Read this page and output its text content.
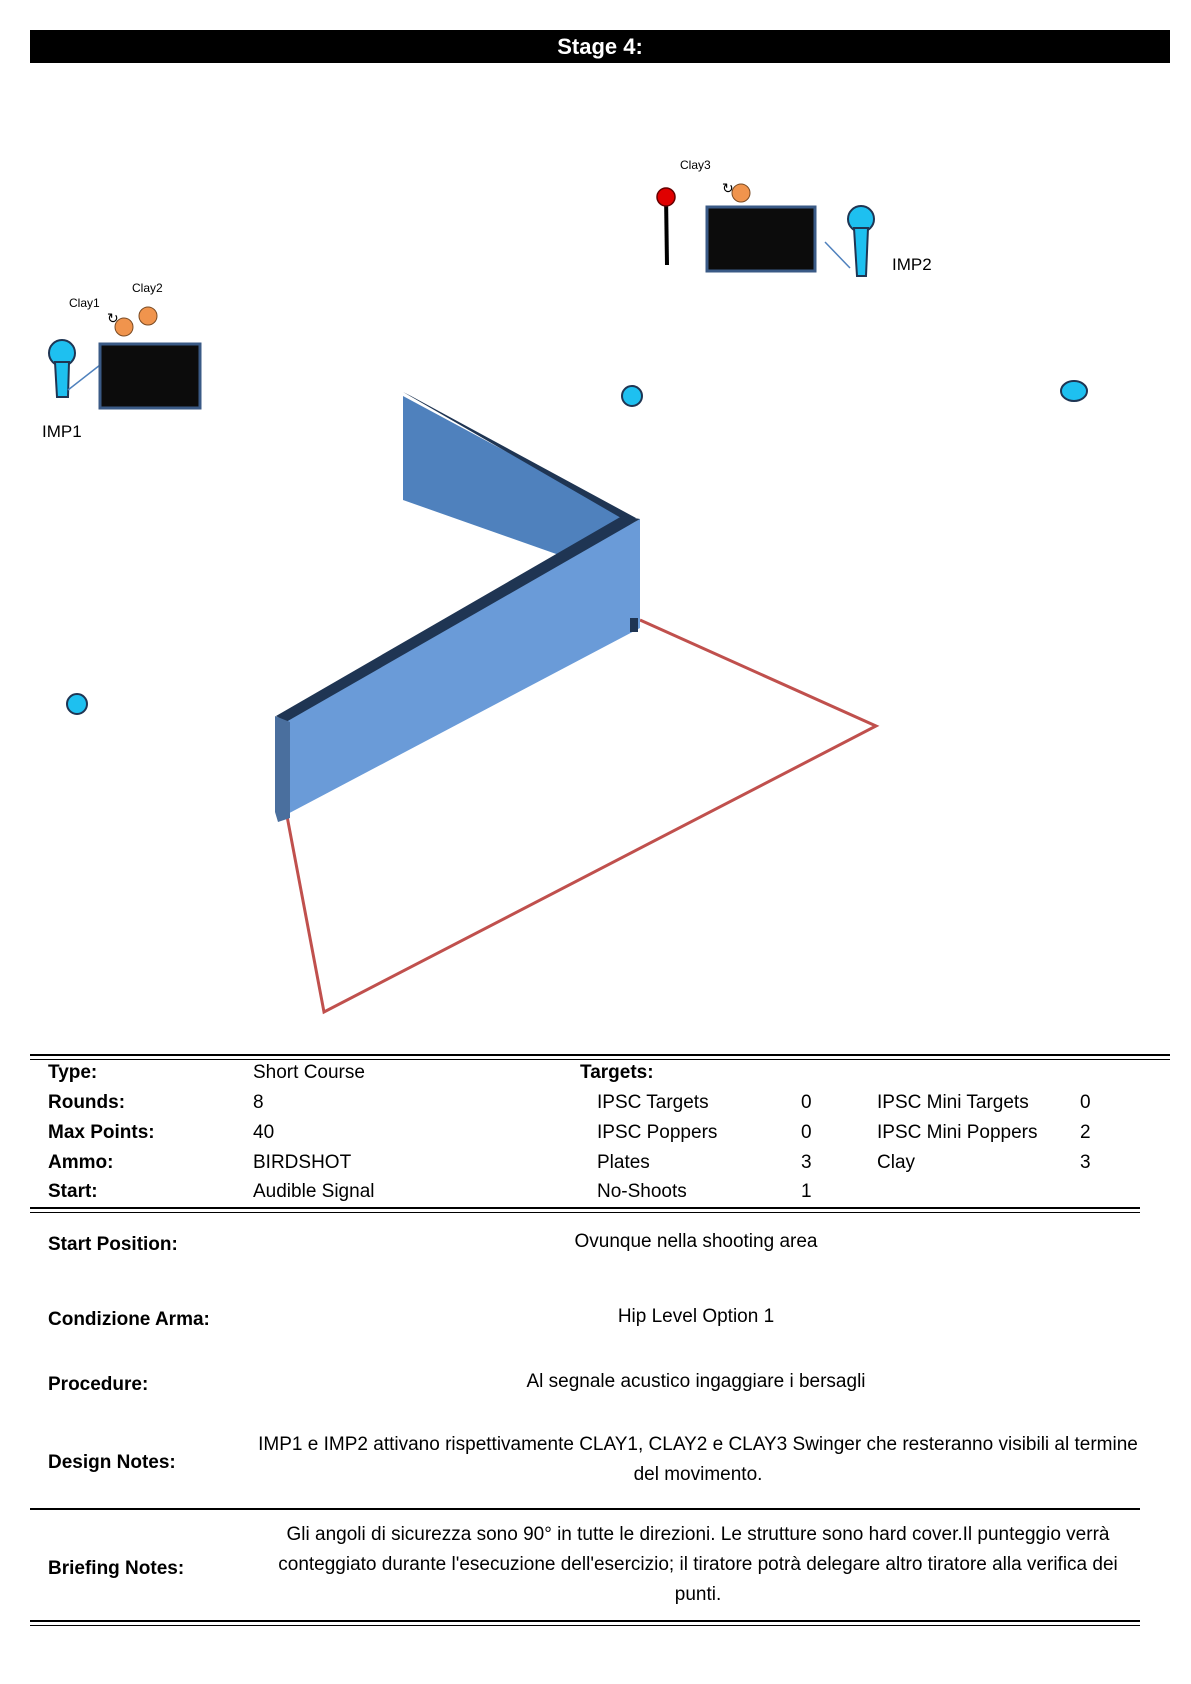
Stage 4:
↻
↻
Clay1
Clay2
Clay3
IMP1
IMP2
Type:	Short Course	Targets:
Rounds:	8	IPSC Targets	0	IPSC Mini Targets	0
Max Points:	40	IPSC Poppers	0	IPSC Mini Poppers 2
Ammo:	BIRDSHOT	Plates	3	Clay	3
Start:	Audible Signal	No-Shoots	1
Start Position:	Ovunque nella shooting area
Condizione Arma:	Hip Level Option 1
Procedure:	Al segnale acustico ingaggiare i bersagli
Design Notes:
IMP1 e IMP2 attivano rispettivamente CLAY1, CLAY2 e CLAY3 Swinger che resteranno visibili al termine del movimento.
Briefing Notes:
Gli angoli di sicurezza sono 90° in tutte le direzioni. Le strutture sono hard cover.Il punteggio verrà conteggiato durante l'esecuzione dell'esercizio; il tiratore potrà delegare altro tiratore alla verifica dei punti.
